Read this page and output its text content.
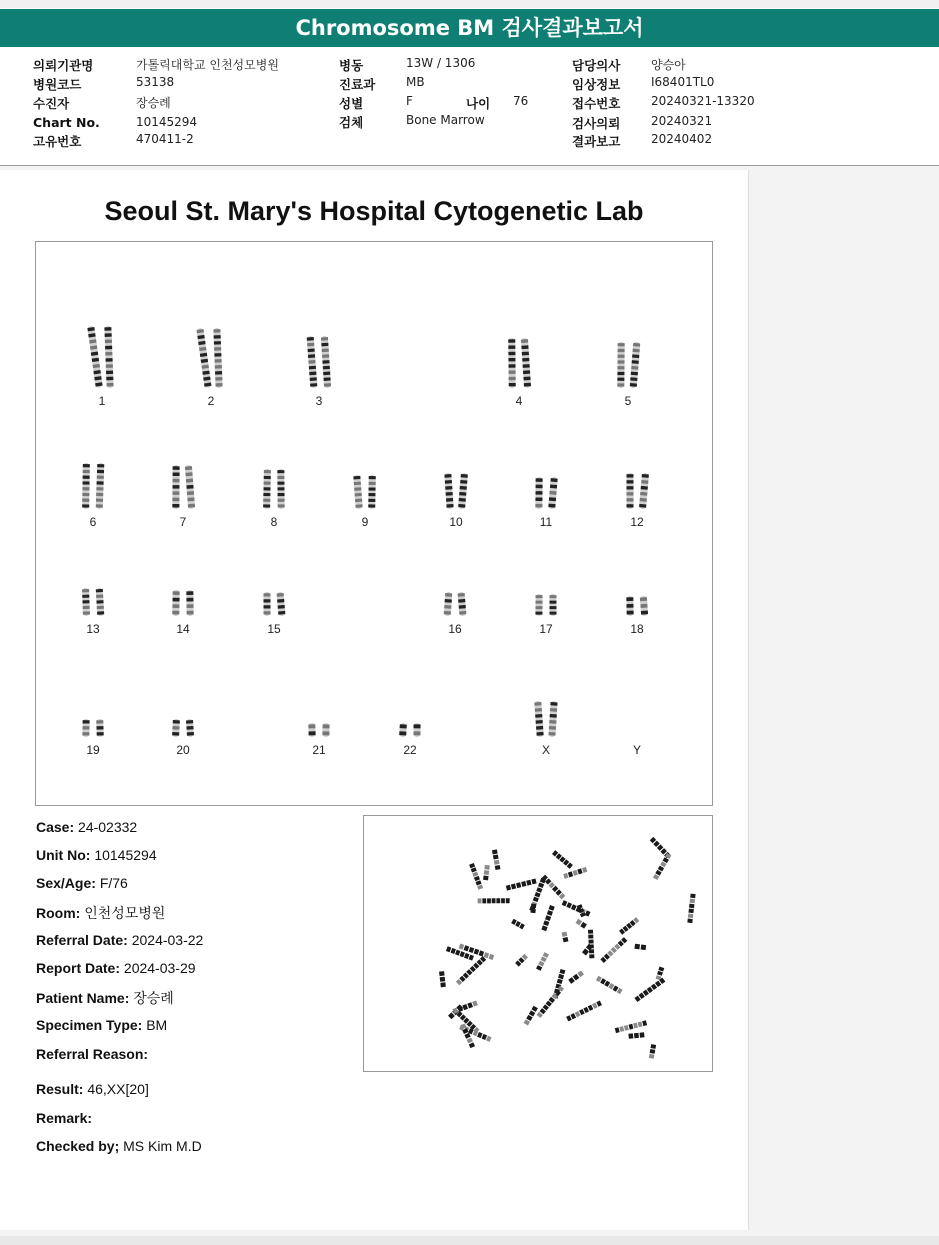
Chromosome BM 검사결과보고서
의뢰기관명	가톨릭대학교 인천성모병원
병원코드	53138
수진자	장승례
Chart No.	10145294
고유번호	470411-2
병동	13W / 1306
진료과	MB
성별	F	나이 76
검체	Bone Marrow
담당의사	양승아
임상정보	I68401TL0
접수번호	20240321-13320
검사의뢰	20240321
결과보고	20240402
Seoul St. Mary's Hospital Cytogenetic Lab
1	2	3	4	5
6	7	8	9	10	11	12
13	14	15	16	17	18
19	20	21	22	X	Y
Case: 24-02332
Unit No: 10145294
Sex/Age: F/76
Room: 인천성모병원
Referral Date: 2024-03-22
Report Date: 2024-03-29
Patient Name: 장승례
Specimen Type: BM
Referral Reason:
Result: 46,XX[20]
Remark:
Checked by; MS Kim M.D
